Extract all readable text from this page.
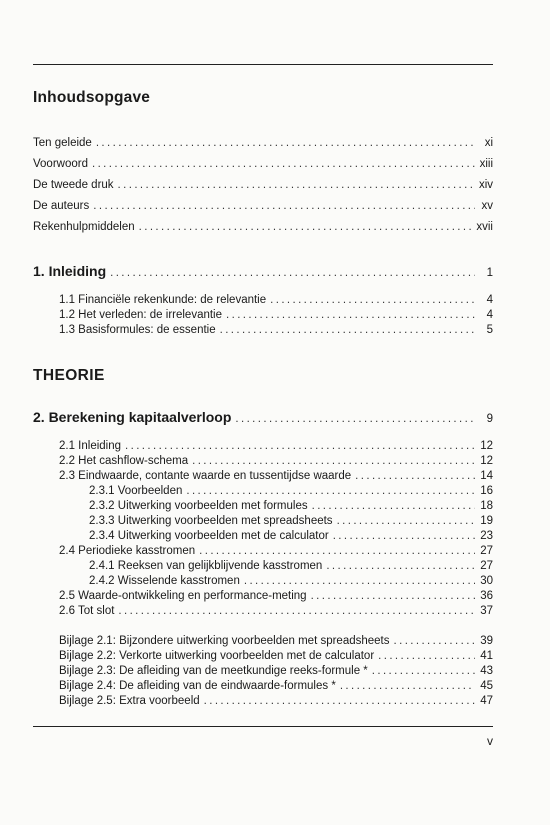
Inhoudsopgave
Ten geleide . . .	xi
Voorwoord . . .	xiii
De tweede druk . . .	xiv
De auteurs . . .	xv
Rekenhulpmiddelen . . .	xvii
1. Inleiding . . .	1
1.1 Financiële rekenkunde: de relevantie . . .	4
1.2 Het verleden: de irrelevantie . . .	4
1.3 Basisformules: de essentie . . .	5
THEORIE
2. Berekening kapitaalverloop . . .	9
2.1 Inleiding . . .	12
2.2 Het cashflow-schema . . .	12
2.3 Eindwaarde, contante waarde en tussentijdse waarde . . .	14
2.3.1 Voorbeelden . . .	16
2.3.2 Uitwerking voorbeelden met formules . . .	18
2.3.3 Uitwerking voorbeelden met spreadsheets . . .	19
2.3.4 Uitwerking voorbeelden met de calculator . . .	23
2.4 Periodieke kasstromen . . .	27
2.4.1 Reeksen van gelijkblijvende kasstromen . . .	27
2.4.2 Wisselende kasstromen . . .	30
2.5 Waarde-ontwikkeling en performance-meting . . .	36
2.6 Tot slot . . .	37
Bijlage 2.1: Bijzondere uitwerking voorbeelden met spreadsheets . . .	39
Bijlage 2.2: Verkorte uitwerking voorbeelden met de calculator . . .	41
Bijlage 2.3: De afleiding van de meetkundige reeks-formule * . . .	43
Bijlage 2.4: De afleiding van de eindwaarde-formules * . . .	45
Bijlage 2.5: Extra voorbeeld . . .	47
v
